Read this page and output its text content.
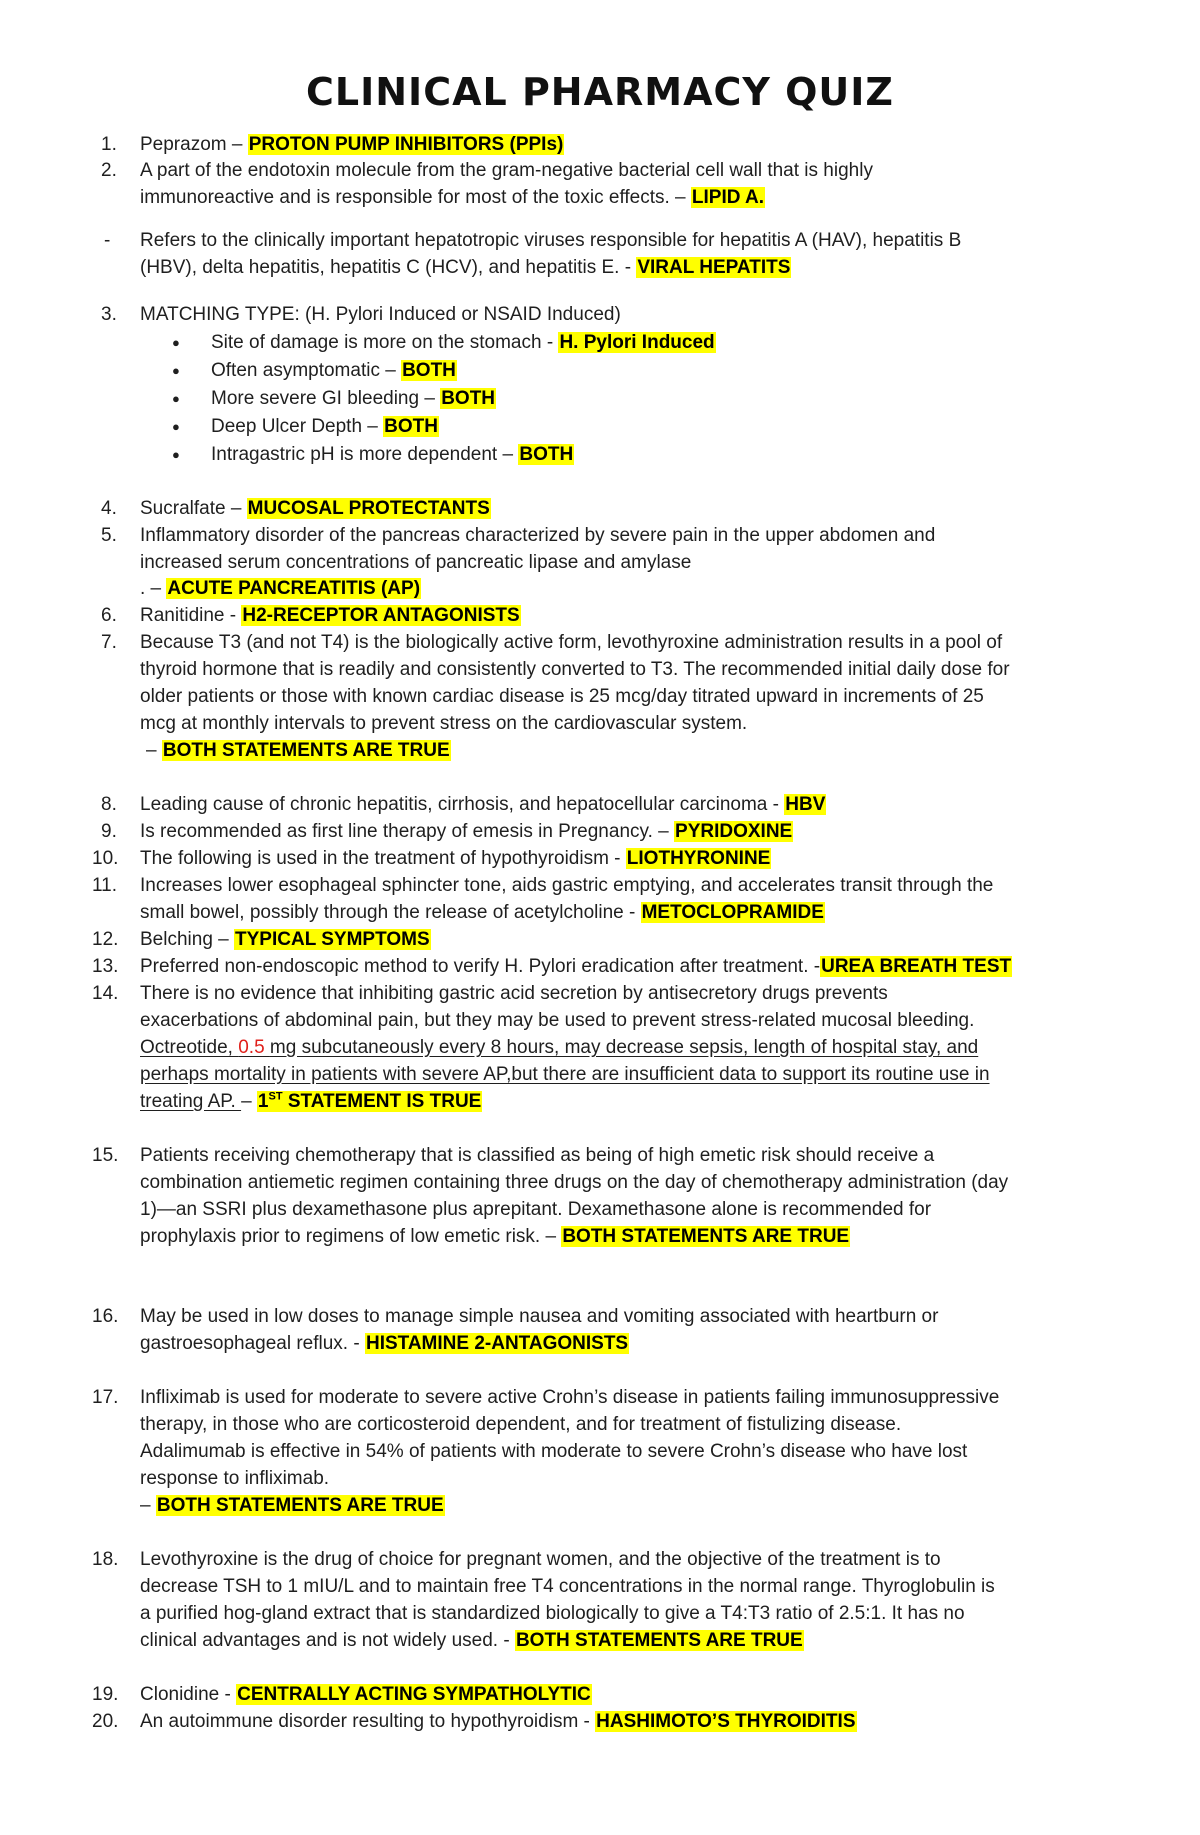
CLINICAL PHARMACY QUIZ
1. Peprazom – PROTON PUMP INHIBITORS (PPIs)
2. A part of the endotoxin molecule from the gram-negative bacterial cell wall that is highly
immunoreactive and is responsible for most of the toxic effects. – LIPID A.
- Refers to the clinically important hepatotropic viruses responsible for hepatitis A (HAV), hepatitis B
(HBV), delta hepatitis, hepatitis C (HCV), and hepatitis E. - VIRAL HEPATITS
3. MATCHING TYPE: (H. Pylori Induced or NSAID Induced)
● Site of damage is more on the stomach - H. Pylori Induced
● Often asymptomatic – BOTH
● More severe GI bleeding – BOTH
● Deep Ulcer Depth – BOTH
● Intragastric pH is more dependent – BOTH
4. Sucralfate – MUCOSAL PROTECTANTS
5. Inflammatory disorder of the pancreas characterized by severe pain in the upper abdomen and
increased serum concentrations of pancreatic lipase and amylase
. – ACUTE PANCREATITIS (AP)
6. Ranitidine - H2-RECEPTOR ANTAGONISTS
7. Because T3 (and not T4) is the biologically active form, levothyroxine administration results in a pool of
thyroid hormone that is readily and consistently converted to T3. The recommended initial daily dose for
older patients or those with known cardiac disease is 25 mcg/day titrated upward in increments of 25
mcg at monthly intervals to prevent stress on the cardiovascular system.
– BOTH STATEMENTS ARE TRUE
8. Leading cause of chronic hepatitis, cirrhosis, and hepatocellular carcinoma - HBV
9. Is recommended as first line therapy of emesis in Pregnancy. – PYRIDOXINE
10. The following is used in the treatment of hypothyroidism - LIOTHYRONINE
11. Increases lower esophageal sphincter tone, aids gastric emptying, and accelerates transit through the
small bowel, possibly through the release of acetylcholine - METOCLOPRAMIDE
12. Belching – TYPICAL SYMPTOMS
13. Preferred non-endoscopic method to verify H. Pylori eradication after treatment. -UREA BREATH TEST
14. There is no evidence that inhibiting gastric acid secretion by antisecretory drugs prevents
exacerbations of abdominal pain, but they may be used to prevent stress-related mucosal bleeding.
Octreotide, 0.5 mg subcutaneously every 8 hours, may decrease sepsis, length of hospital stay, and
perhaps mortality in patients with severe AP,but there are insufficient data to support its routine use in
treating AP. – 1ST STATEMENT IS TRUE
15. Patients receiving chemotherapy that is classified as being of high emetic risk should receive a
combination antiemetic regimen containing three drugs on the day of chemotherapy administration (day
1)—an SSRI plus dexamethasone plus aprepitant. Dexamethasone alone is recommended for
prophylaxis prior to regimens of low emetic risk. – BOTH STATEMENTS ARE TRUE
16. May be used in low doses to manage simple nausea and vomiting associated with heartburn or
gastroesophageal reflux. - HISTAMINE 2-ANTAGONISTS
17. Infliximab is used for moderate to severe active Crohn’s disease in patients failing immunosuppressive
therapy, in those who are corticosteroid dependent, and for treatment of fistulizing disease.
Adalimumab is effective in 54% of patients with moderate to severe Crohn’s disease who have lost
response to infliximab.
– BOTH STATEMENTS ARE TRUE
18. Levothyroxine is the drug of choice for pregnant women, and the objective of the treatment is to
decrease TSH to 1 mIU/L and to maintain free T4 concentrations in the normal range. Thyroglobulin is
a purified hog-gland extract that is standardized biologically to give a T4:T3 ratio of 2.5:1. It has no
clinical advantages and is not widely used. - BOTH STATEMENTS ARE TRUE
19. Clonidine - CENTRALLY ACTING SYMPATHOLYTIC
20. An autoimmune disorder resulting to hypothyroidism - HASHIMOTO’S THYROIDITIS
